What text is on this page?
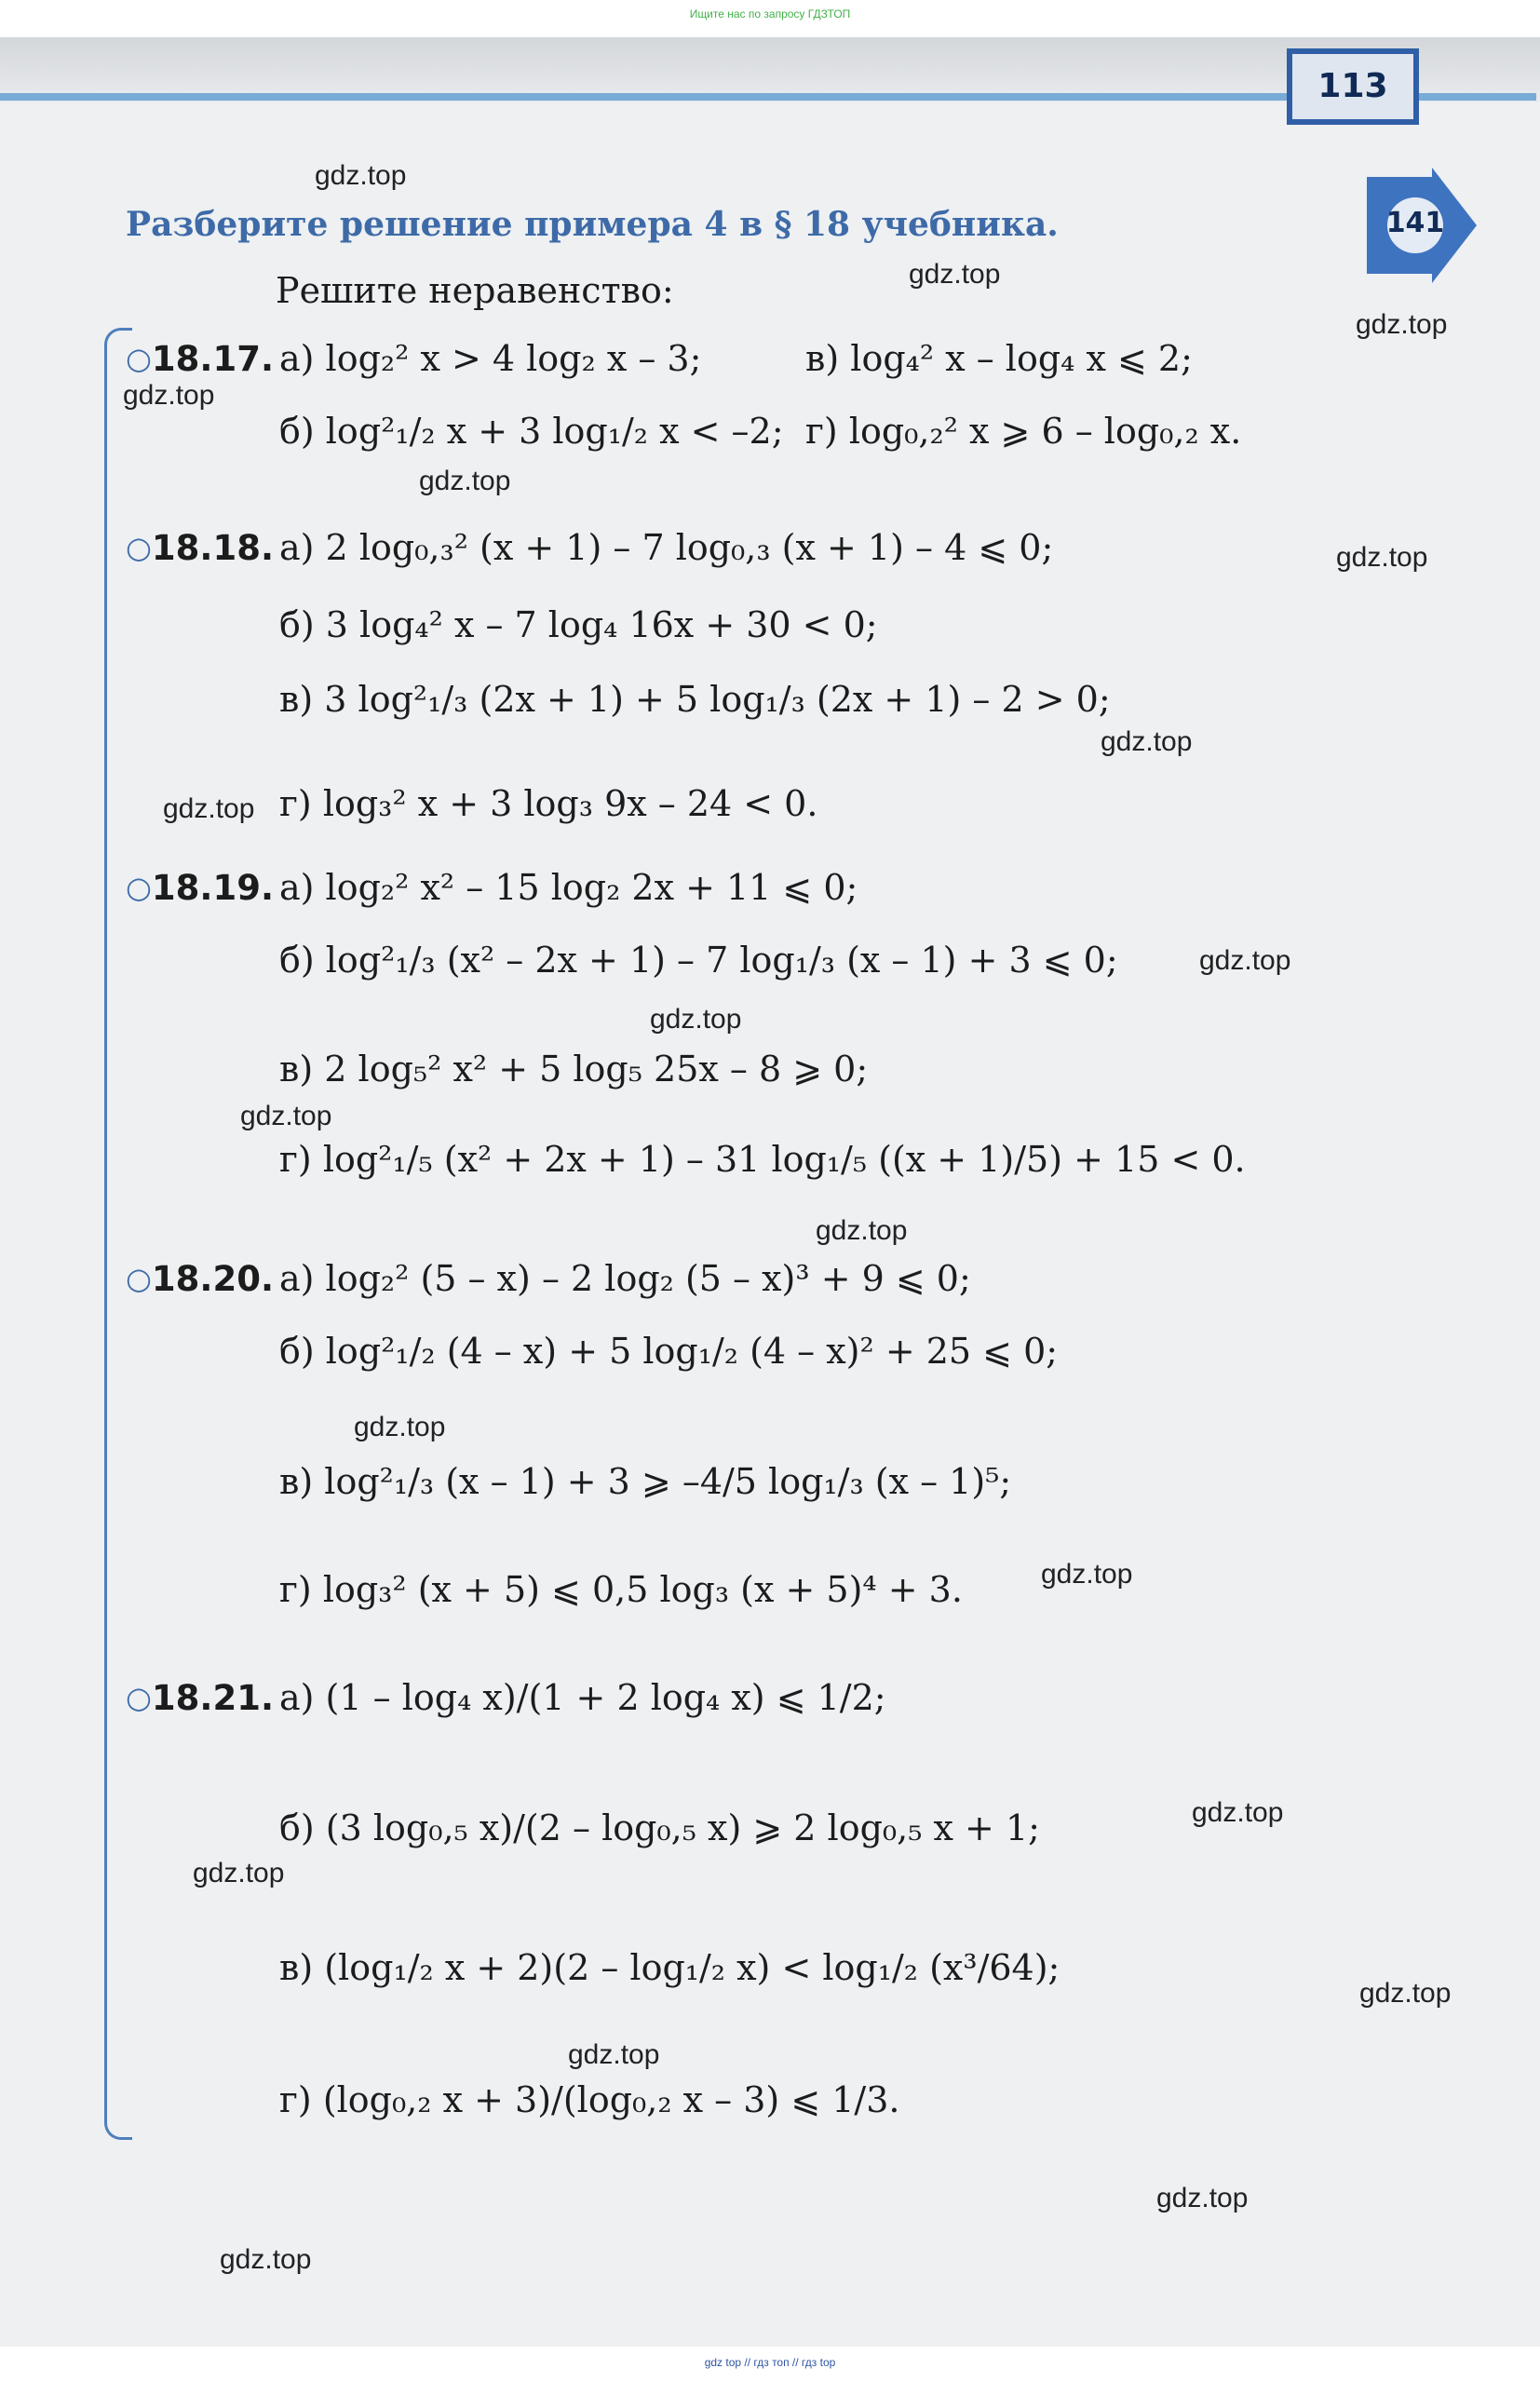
Ищите нас по запросу ГДЗТОП
113
Разберите решение примера 4 в § 18 учебника.	141
Решите неравенство:
○18.17. а) log₂² x > 4 log₂ x – 3;	в) log₄² x – log₄ x ⩽ 2;
б) log²₁/₂ x + 3 log₁/₂ x < –2; г) log₀,₂² x ⩾ 6 – log₀,₂ x.
○18.18. а) 2 log₀,₃² (x + 1) – 7 log₀,₃ (x + 1) – 4 ⩽ 0;
б) 3 log₄² x – 7 log₄ 16x + 30 < 0;
в) 3 log²₁/₃ (2x + 1) + 5 log₁/₃ (2x + 1) – 2 > 0;
г) log₃² x + 3 log₃ 9x – 24 < 0.
○18.19. а) log₂² x² – 15 log₂ 2x + 11 ⩽ 0;
б) log²₁/₃ (x² – 2x + 1) – 7 log₁/₃ (x – 1) + 3 ⩽ 0;
в) 2 log₅² x² + 5 log₅ 25x – 8 ⩾ 0;
г) log²₁/₅ (x² + 2x + 1) – 31 log₁/₅ ((x + 1)/5) + 15 < 0.
○18.20. а) log₂² (5 – x) – 2 log₂ (5 – x)³ + 9 ⩽ 0;
б) log²₁/₂ (4 – x) + 5 log₁/₂ (4 – x)² + 25 ⩽ 0;
в) log²₁/₃ (x – 1) + 3 ⩾ –4/5 log₁/₃ (x – 1)⁵;
г) log₃² (x + 5) ⩽ 0,5 log₃ (x + 5)⁴ + 3.
○18.21. а) (1 – log₄ x)/(1 + 2 log₄ x) ⩽ 1/2;
б) (3 log₀,₅ x)/(2 – log₀,₅ x) ⩾ 2 log₀,₅ x + 1;
в) (log₁/₂ x + 2)(2 – log₁/₂ x) < log₁/₂ (x³/64);
г) (log₀,₂ x + 3)/(log₀,₂ x – 3) ⩽ 1/3.
gdz.top
gdz.top
gdz.top
gdz.top
gdz.top
gdz.top
gdz.top
gdz.top
gdz.top
gdz.top
gdz.top
gdz.top
gdz.top
gdz.top
gdz.top
gdz.top
gdz.top
gdz.top
gdz.top
gdz.top
gdz top // гдз топ // гдз top
